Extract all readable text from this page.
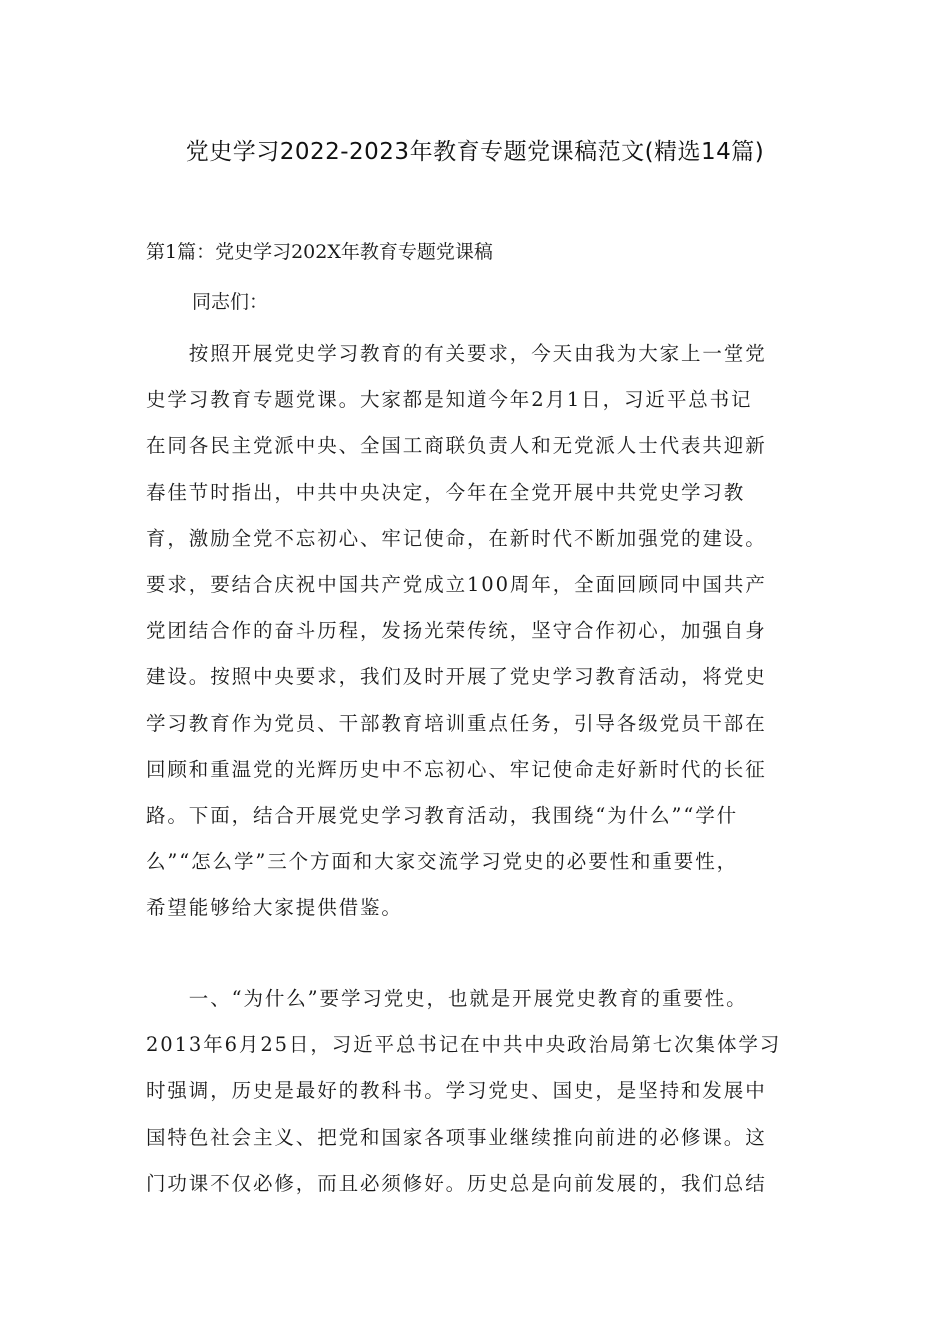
党史学习2022-2023年教育专题党课稿范文(精选14篇)
第1篇：党史学习202X年教育专题党课稿

同志们：

　　按照开展党史学习教育的有关要求，今天由我为大家上一堂党
史学习教育专题党课。大家都是知道今年2月1日，习近平总书记
在同各民主党派中央、全国工商联负责人和无党派人士代表共迎新
春佳节时指出，中共中央决定，今年在全党开展中共党史学习教
育，激励全党不忘初心、牢记使命，在新时代不断加强党的建设。
要求，要结合庆祝中国共产党成立100周年，全面回顾同中国共产
党团结合作的奋斗历程，发扬光荣传统，坚守合作初心，加强自身
建设。按照中央要求，我们及时开展了党史学习教育活动，将党史
学习教育作为党员、干部教育培训重点任务，引导各级党员干部在
回顾和重温党的光辉历史中不忘初心、牢记使命走好新时代的长征
路。下面，结合开展党史学习教育活动，我围绕“为什么”“学什
么”“怎么学”三个方面和大家交流学习党史的必要性和重要性，
希望能够给大家提供借鉴。

　　一、“为什么”要学习党史，也就是开展党史教育的重要性。
2013年6月25日，习近平总书记在中共中央政治局第七次集体学习
时强调，历史是最好的教科书。学习党史、国史，是坚持和发展中
国特色社会主义、把党和国家各项事业继续推向前进的必修课。这
门功课不仅必修，而且必须修好。历史总是向前发展的，我们总结
